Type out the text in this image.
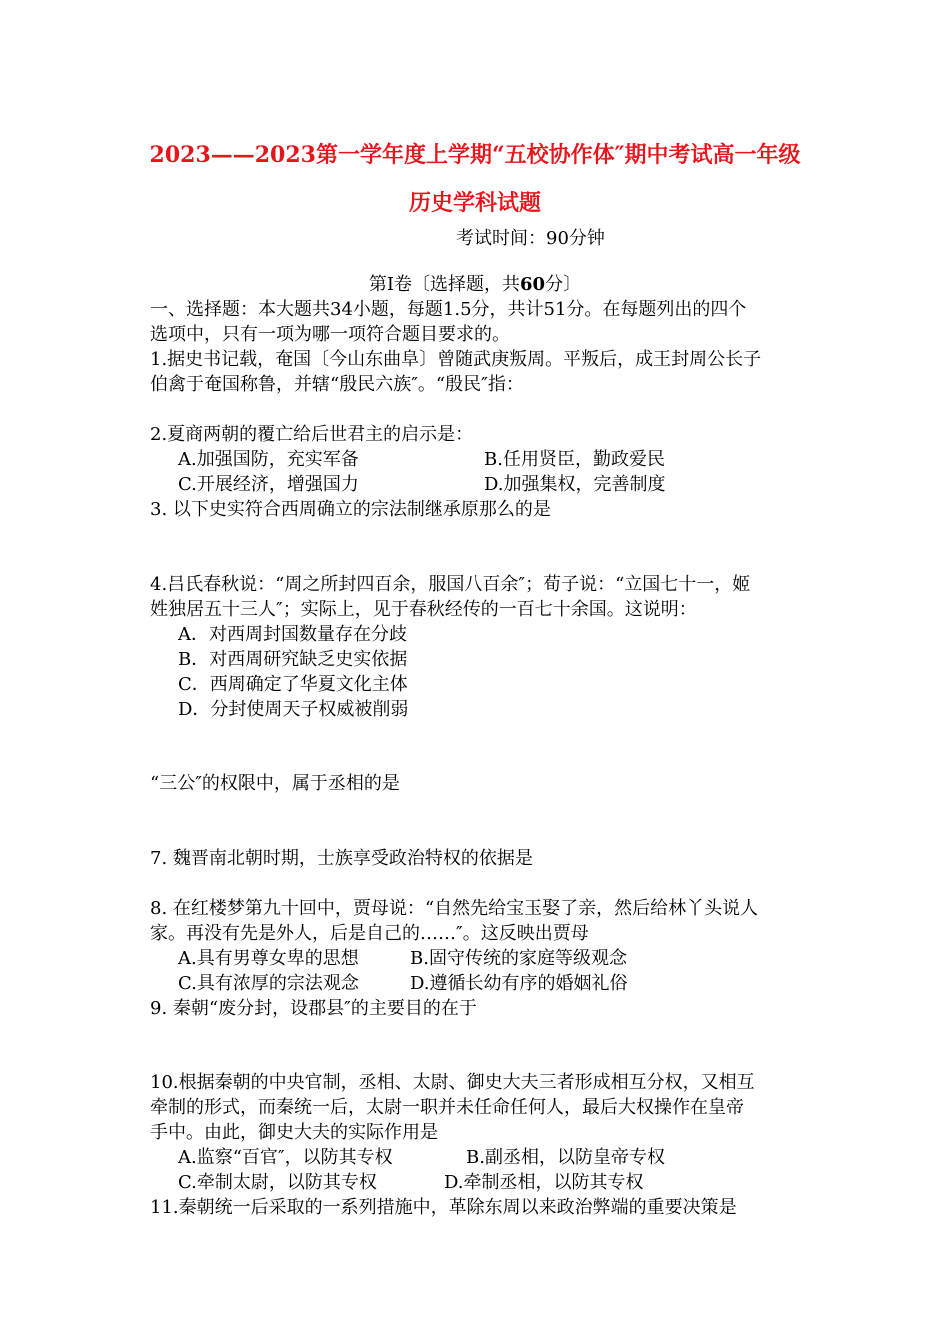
2023——2023第一学年度上学期“五校协作体″期中考试高一年级
历史学科试题
考试时间：90分钟
第Ⅰ卷〔选择题，共60分〕
一、选择题：本大题共34小题，每题1.5分，共计51分。在每题列出的四个
选项中，只有一项为哪一项符合题目要求的。
1.据史书记载，奄国〔今山东曲阜〕曾随武庚叛周。平叛后，成王封周公长子
伯禽于奄国称鲁，并辖“殷民六族″。“殷民″指：
2.夏商两朝的覆亡给后世君主的启示是：
A.加强国防，充实军备	B.任用贤臣，勤政爱民
C.开展经济，增强国力	D.加强集权，完善制度
3. 以下史实符合西周确立的宗法制继承原那么的是
4.吕氏春秋说：“周之所封四百余，服国八百余″；荀子说：“立国七十一，姬
姓独居五十三人″；实际上，见于春秋经传的一百七十余国。这说明：
A．对西周封国数量存在分歧
B．对西周研究缺乏史实依据
C．西周确定了华夏文化主体
D．分封使周天子权威被削弱
“三公″的权限中，属于丞相的是
7. 魏晋南北朝时期，士族享受政治特权的依据是
8. 在红楼梦第九十回中，贾母说：“自然先给宝玉娶了亲，然后给林丫头说人
家。再没有先是外人，后是自己的……″。这反映出贾母
A.具有男尊女卑的思想	B.固守传统的家庭等级观念
C.具有浓厚的宗法观念	D.遵循长幼有序的婚姻礼俗
9. 秦朝“废分封，设郡县″的主要目的在于
10.根据秦朝的中央官制，丞相、太尉、御史大夫三者形成相互分权，又相互
牵制的形式，而秦统一后，太尉一职并未任命任何人，最后大权操作在皇帝
手中。由此，御史大夫的实际作用是
A.监察“百官″，以防其专权	B.副丞相，以防皇帝专权
C.牵制太尉，以防其专权	D.牵制丞相，以防其专权
11.秦朝统一后采取的一系列措施中，革除东周以来政治弊端的重要决策是
